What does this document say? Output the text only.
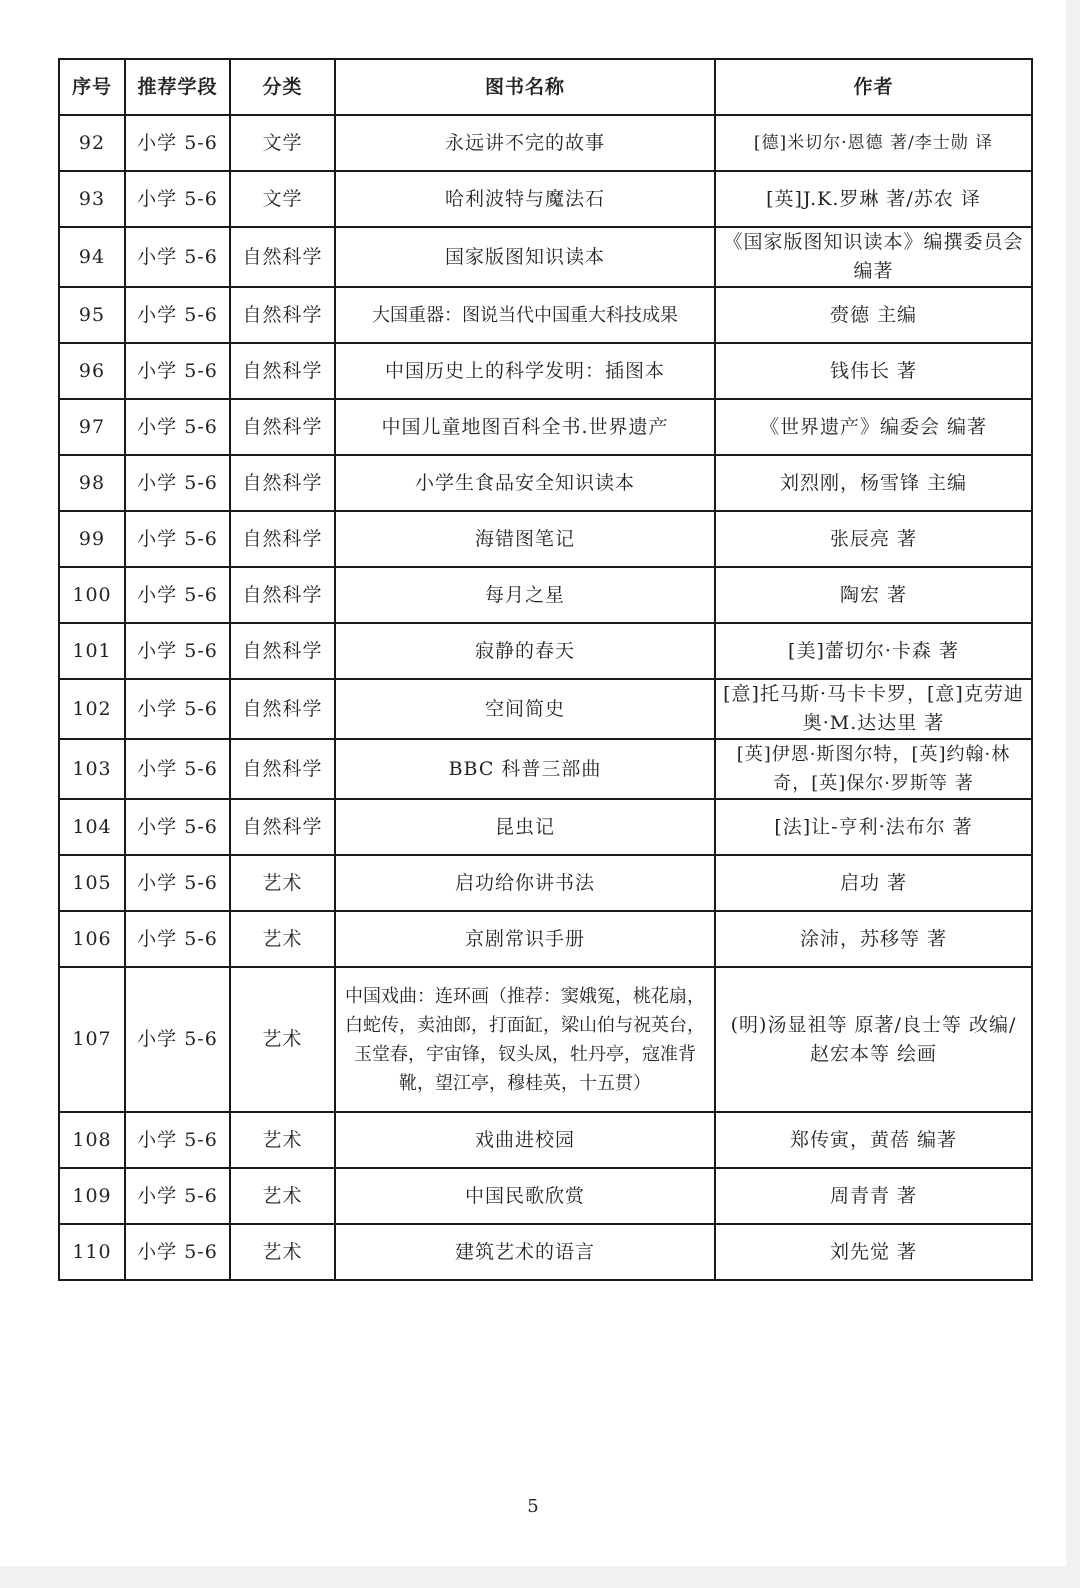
序号	推荐学段	分类	图书名称	作者
92	小学 5-6	文学	永远讲不完的故事	[德]米切尔·恩德 著/李士勋 译
93	小学 5-6	文学	哈利波特与魔法石	[英]J.K.罗琳 著/苏农 译
94	小学 5-6	自然科学	国家版图知识读本	《国家版图知识读本》编撰委员会 编著
95	小学 5-6	自然科学	大国重器：图说当代中国重大科技成果	赍德 主编
96	小学 5-6	自然科学	中国历史上的科学发明：插图本	钱伟长 著
97	小学 5-6	自然科学	中国儿童地图百科全书.世界遗产	《世界遗产》编委会 编著
98	小学 5-6	自然科学	小学生食品安全知识读本	刘烈刚，杨雪锋 主编
99	小学 5-6	自然科学	海错图笔记	张辰亮 著
100	小学 5-6	自然科学	每月之星	陶宏 著
101	小学 5-6	自然科学	寂静的春天	[美]蕾切尔·卡森 著
102	小学 5-6	自然科学	空间简史	[意]托马斯·马卡卡罗，[意]克劳迪奥·M.达达里 著
103	小学 5-6	自然科学	BBC 科普三部曲	[英]伊恩·斯图尔特，[英]约翰·林奇，[英]保尔·罗斯等 著
104	小学 5-6	自然科学	昆虫记	[法]让-亨利·法布尔 著
105	小学 5-6	艺术	启功给你讲书法	启功 著
106	小学 5-6	艺术	京剧常识手册	涂沛，苏移等 著
107	小学 5-6	艺术	中国戏曲：连环画（推荐：窦娥冤，桃花扇，白蛇传，卖油郎，打面缸，梁山伯与祝英台，玉堂春，宇宙锋，钗头凤，牡丹亭，寇准背靴，望江亭，穆桂英，十五贯）	(明)汤显祖等 原著/良士等 改编/赵宏本等 绘画
108	小学 5-6	艺术	戏曲进校园	郑传寅，黄蓓 编著
109	小学 5-6	艺术	中国民歌欣赏	周青青 著
110	小学 5-6	艺术	建筑艺术的语言	刘先觉 著
5
